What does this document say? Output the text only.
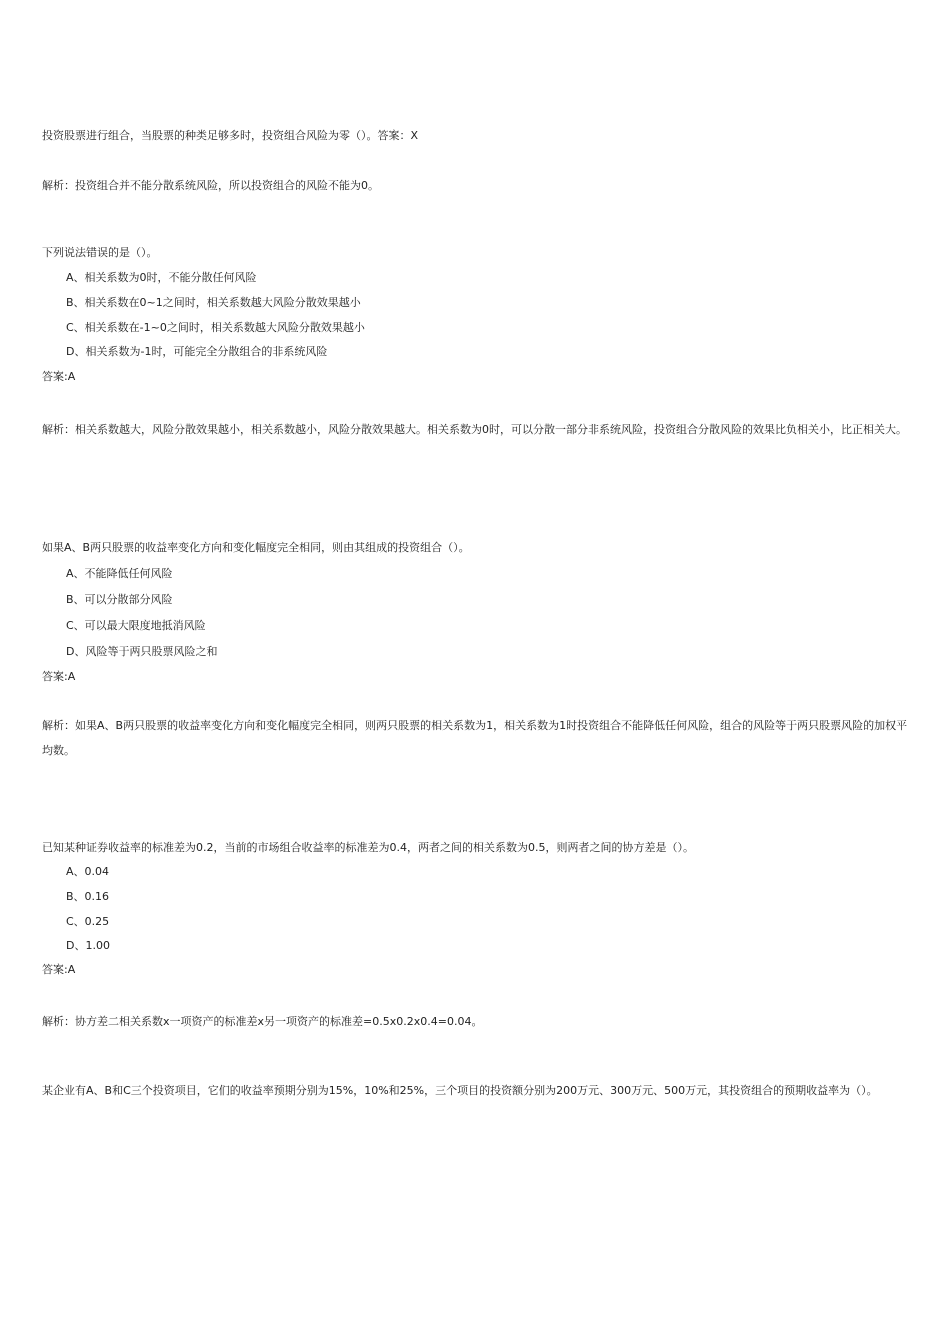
投资股票进行组合，当股票的种类足够多时，投资组合风险为零（）。答案：X
解析：投资组合并不能分散系统风险，所以投资组合的风险不能为0。
下列说法错误的是（）。
A、相关系数为0时，不能分散任何风险
B、相关系数在0~1之间时，相关系数越大风险分散效果越小
C、相关系数在-1~0之间时，相关系数越大风险分散效果越小
D、相关系数为-1时，可能完全分散组合的非系统风险
答案:A
解析：相关系数越大，风险分散效果越小，相关系数越小，风险分散效果越大。相关系数为0时，可以分散一部分非系统风险，投资组合分散风险的效果比负相关小，比正相关大。
如果A、B两只股票的收益率变化方向和变化幅度完全相同，则由其组成的投资组合（）。
A、不能降低任何风险
B、可以分散部分风险
C、可以最大限度地抵消风险
D、风险等于两只股票风险之和
答案:A
解析：如果A、B两只股票的收益率变化方向和变化幅度完全相同，则两只股票的相关系数为1，相关系数为1时投资组合不能降低任何风险，组合的风险等于两只股票风险的加权平均数。
已知某种证券收益率的标准差为0.2，当前的市场组合收益率的标准差为0.4，两者之间的相关系数为0.5，则两者之间的协方差是（）。
A、0.04
B、0.16
C、0.25
D、1.00
答案:A
解析：协方差二相关系数x一项资产的标准差x另一项资产的标准差=0.5x0.2x0.4=0.04。
某企业有A、B和C三个投资项目，它们的收益率预期分别为15%，10%和25%，三个项目的投资额分别为200万元、300万元、500万元，其投资组合的预期收益率为（）。
